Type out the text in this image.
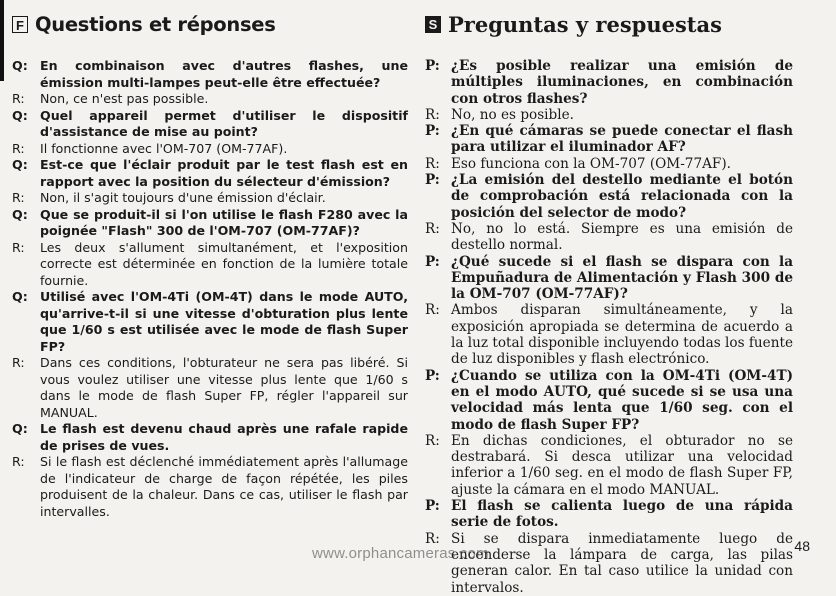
F Questions et réponses
Q: En combinaison avec d'autres flashes, une émission multi-lampes peut-elle être effectuée?
R:	Non, ce n'est pas possible.
Q: Quel appareil permet d'utiliser le dispositif d'assistance de mise au point?
R:	Il fonctionne avec l'OM-707 (OM-77AF).
Q: Est-ce que l'éclair produit par le test flash est en rapport avec la position du sélecteur d'émission?
R:	Non, il s'agit toujours d'une émission d'éclair.
Q: Que se produit-il si l'on utilise le flash F280 avec la poignée "Flash" 300 de l'OM-707 (OM-77AF)?
R:	Les deux s'allument simultanément, et l'exposition correcte est déterminée en fonction de la lumière totale fournie.
Q: Utilisé avec l'OM-4Ti (OM-4T) dans le mode AUTO, qu'arrive-t-il si une vitesse d'obturation plus lente que 1/60 s est utilisée avec le mode de flash Super FP?
R:	Dans ces conditions, l'obturateur ne sera pas libéré. Si vous voulez utiliser une vitesse plus lente que 1/60 s dans le mode de flash Super FP, régler l'appareil sur MANUAL.
Q: Le flash est devenu chaud après une rafale rapide de prises de vues.
R:	Si le flash est déclenché immédiatement après l'allumage de l'indicateur de charge de façon répétée, les piles produisent de la chaleur. Dans ce cas, utiliser le flash par intervalles.
S Preguntas y respuestas
P: ¿Es posible realizar una emisión de múltiples iluminaciones, en combinación con otros flashes?
R: No, no es posible.
P: ¿En qué cámaras se puede conectar el flash para utilizar el iluminador AF?
R: Eso funciona con la OM-707 (OM-77AF).
P: ¿La emisión del destello mediante el botón de comprobación está relacionada con la posición del selector de modo?
R: No, no lo está. Siempre es una emisión de destello normal.
P: ¿Qué sucede si el flash se dispara con la Empuñadura de Alimentación y Flash 300 de la OM-707 (OM-77AF)?
R: Ambos disparan simultáneamente, y la exposición apropiada se determina de acuerdo a la luz total disponible incluyendo todas los fuente de luz disponibles y flash electrónico.
P: ¿Cuando se utiliza con la OM-4Ti (OM-4T) en el modo AUTO, qué sucede si se usa una velocidad más lenta que 1/60 seg. con el modo de flash Super FP?
R: En dichas condiciones, el obturador no se destrabará. Si desca utilizar una velocidad inferior a 1/60 seg. en el modo de flash Super FP, ajuste la cámara en el modo MANUAL.
P: El flash se calienta luego de una rápida serie de fotos.
R: Si se dispara inmediatamente luego de encenderse la lámpara de carga, las pilas generan calor. En tal caso utilice la unidad con intervalos.
www.orphancameras.com	48
